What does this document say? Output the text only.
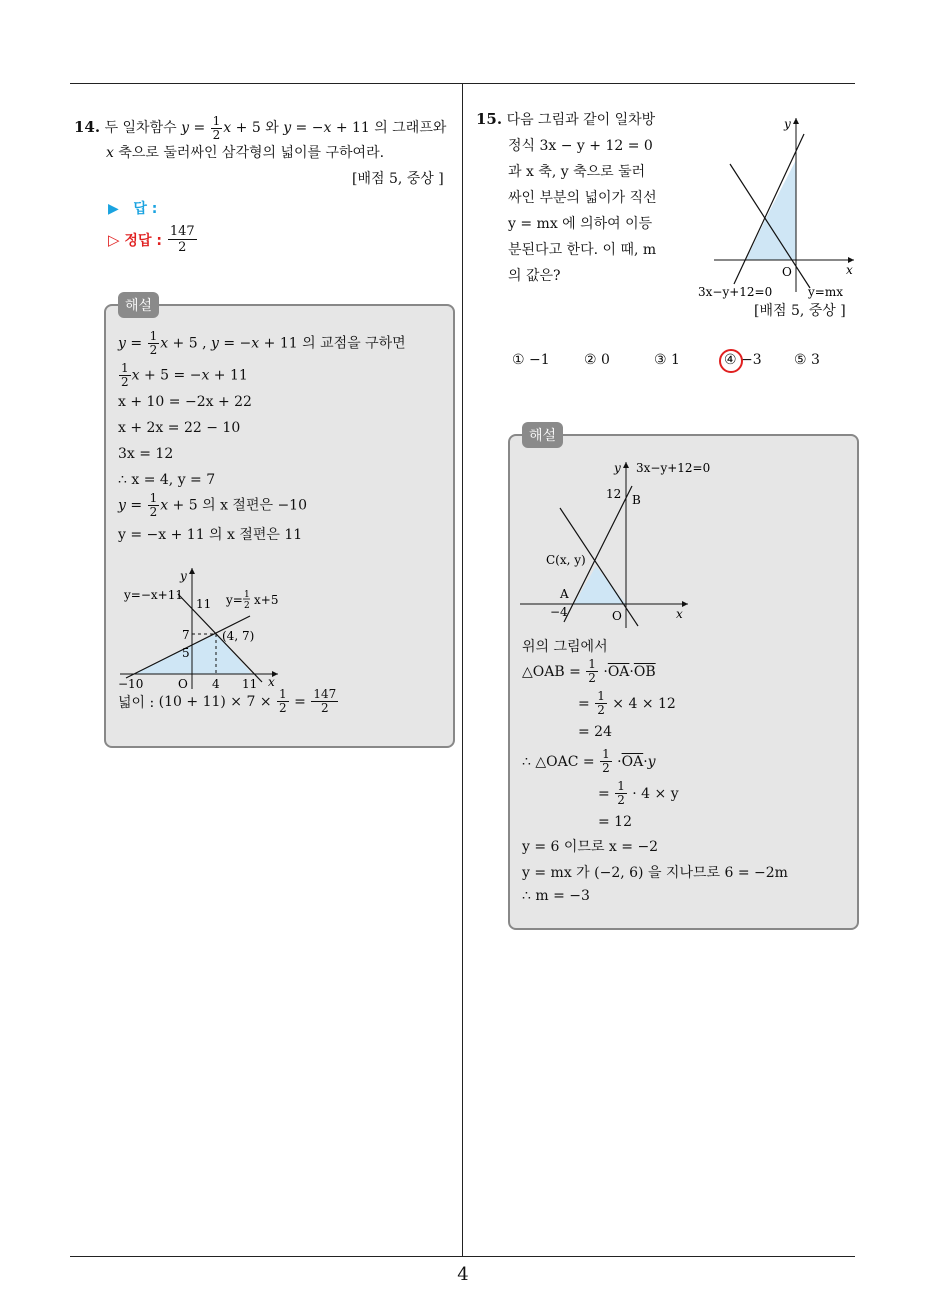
14. 두 일차함수 $y = \frac{1}{2}$ x + 5 와 y = −x + 11 의 그래프와
x 축으로 둘러싸인 삼각형의 넓이를 구하여라.
[배점 5, 중상 ]
▶ 답 :
▷
정답 :
$\frac{147}{2}$
$y = \frac{1}{2}$ x + 5 , y = −x + 11 의 교점을 구하면
$\frac{1}{2}$ x + 5 = −x + 11
x + 10 = −2x + 22
x + 2x = 22 − 10
3x = 12
∴ x = 4, y = 7
$y = \frac{1}{2}$ x + 5 의 x 절편은 −10
y = −x + 11 의 x 절편은 11
y
x
y=−x+11	y= 1
2 x+5
11
7
5
(4, 7)
−10	O 4 11
넓이 :
(10 + 11) × 7 ×
$\frac{1}{2} = \frac{147}{2}$
해설
15. 다음 그림과 같이 일차방
정식 3x − y + 12 = 0
과 x 축, y 축으로 둘러
싸인 부분의 넓이가 직선
y = mx 에 의하여 이등
분된다고 한다. 이 때, m
의 값은?
y
x
O
3x−y+12=0	y=mx
[배점 5, 중상 ]
① −1 ② 0	③ 1	④ −3 ⑤ 3
y 3x−y+12=0
12 B
C(x, y)
A
−4	O	x
위의 그림에서
△OAB =
$\frac{1}{2} \cdot \overline{OA} \cdot \overline{OB}$
= $\frac{1}{2}$
× 4 × 12
= 24
∴ △OAC =
$\frac{1}{2} \cdot \overline{OA} \cdot y$
= $\frac{1}{2}$
· 4 × y
= 12
y = 6 이므로 x = −2
y = mx 가 (−2, 6) 을 지나므로 6 = −2m
∴ m = −3
해설
4
